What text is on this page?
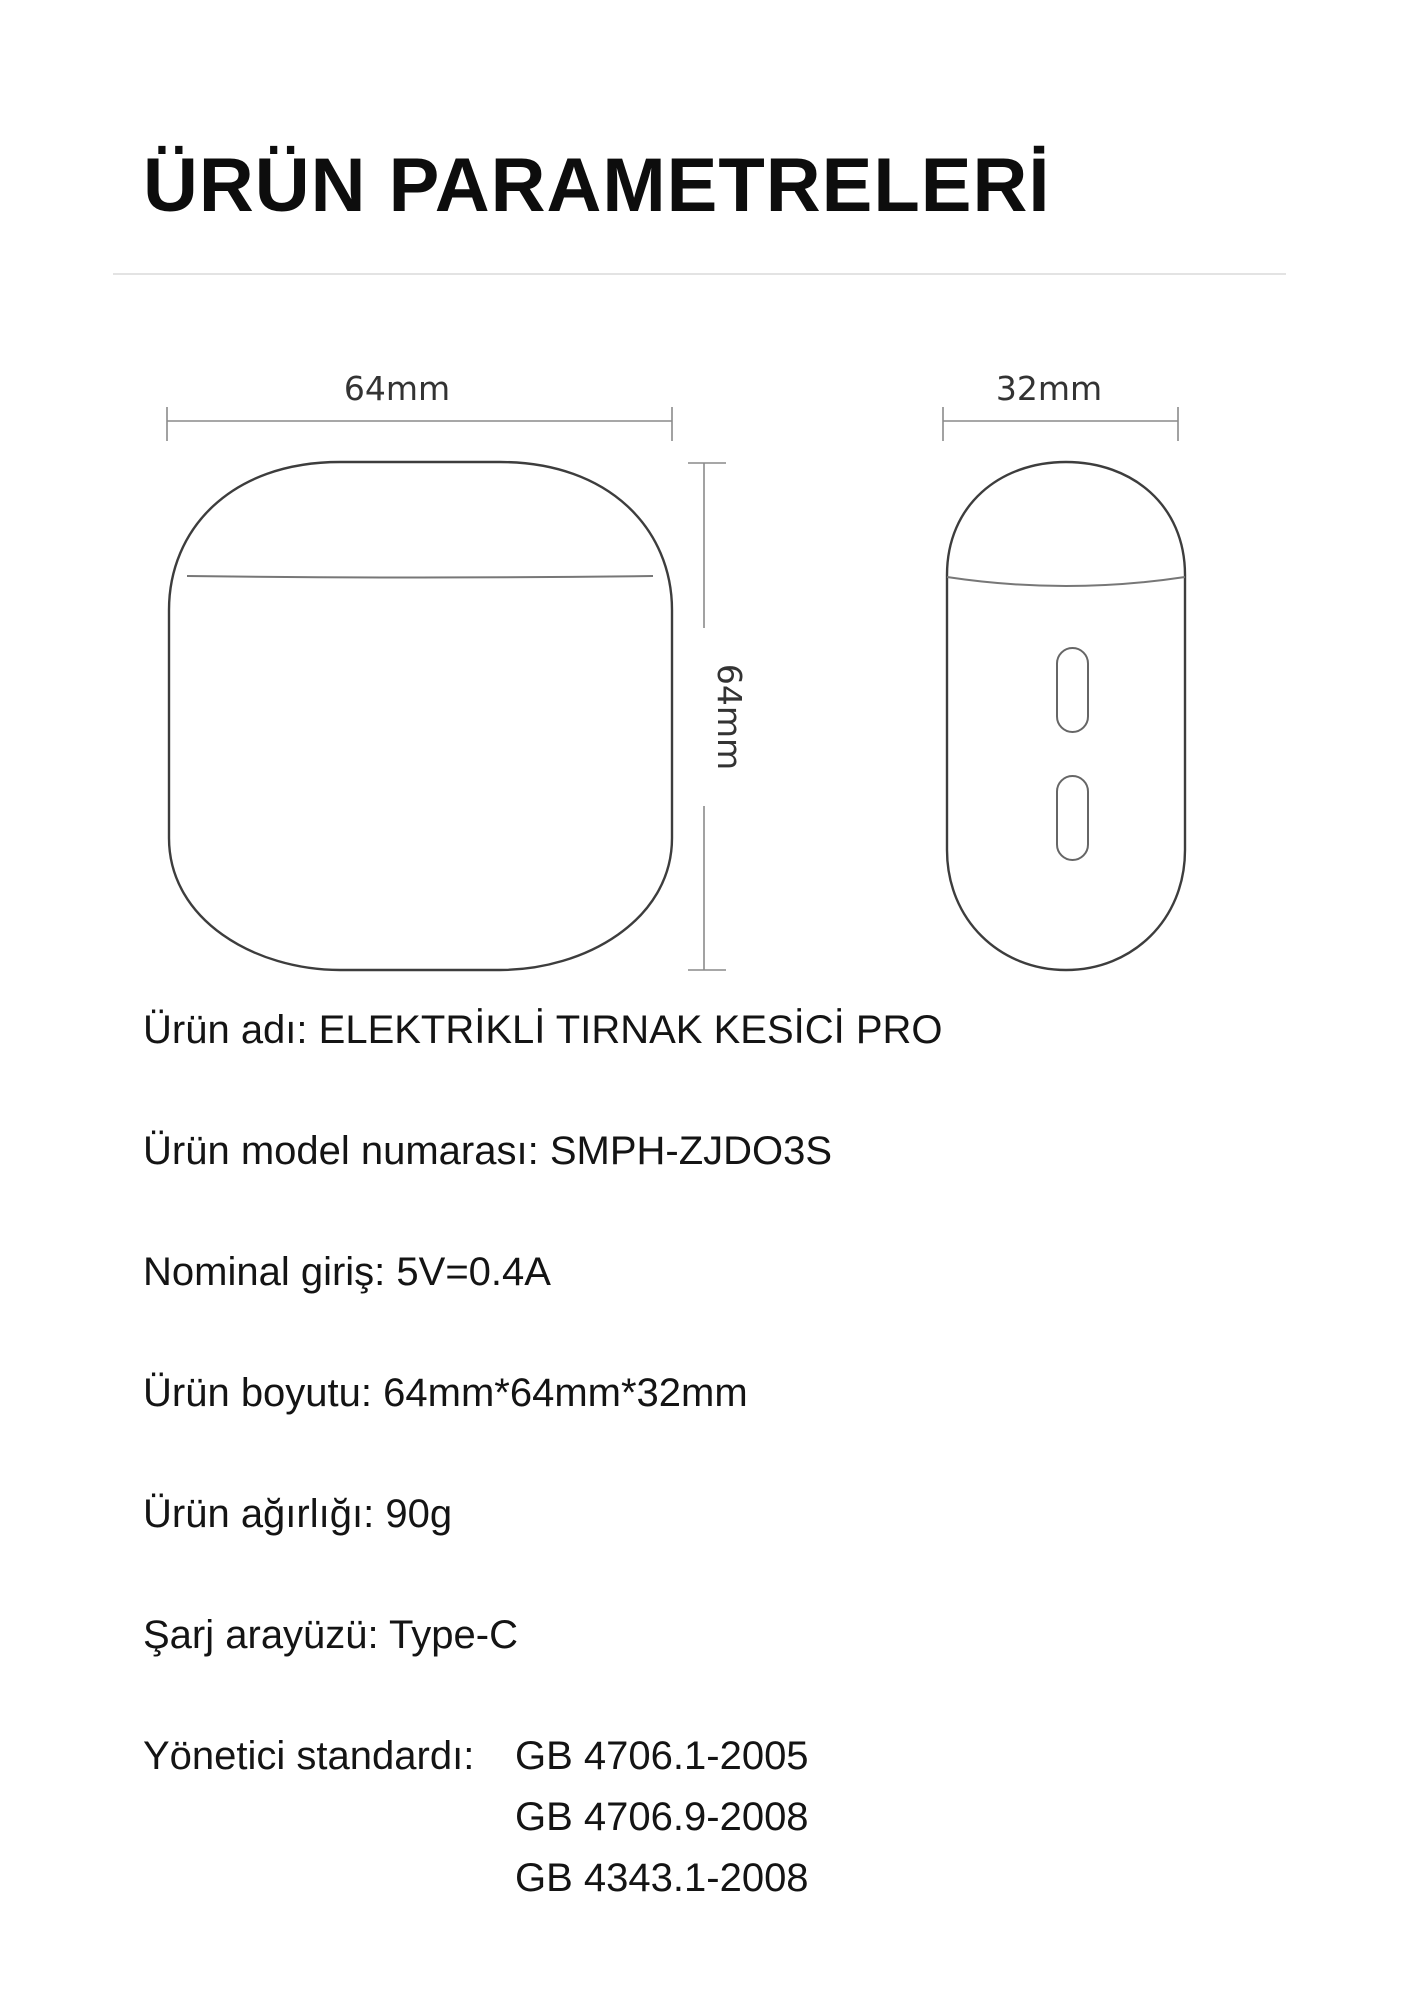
ÜRÜN PARAMETRELERİ
64mm
64mm
32mm
Ürün adı: ELEKTRİKLİ TIRNAK KESİCİ PRO
Ürün model numarası: SMPH-ZJDO3S
Nominal giriş: 5V=0.4A
Ürün boyutu: 64mm*64mm*32mm
Ürün ağırlığı: 90g
Şarj arayüzü: Type-C
Yönetici standardı: GB 4706.1-2005
GB 4706.9-2008
GB 4343.1-2008
